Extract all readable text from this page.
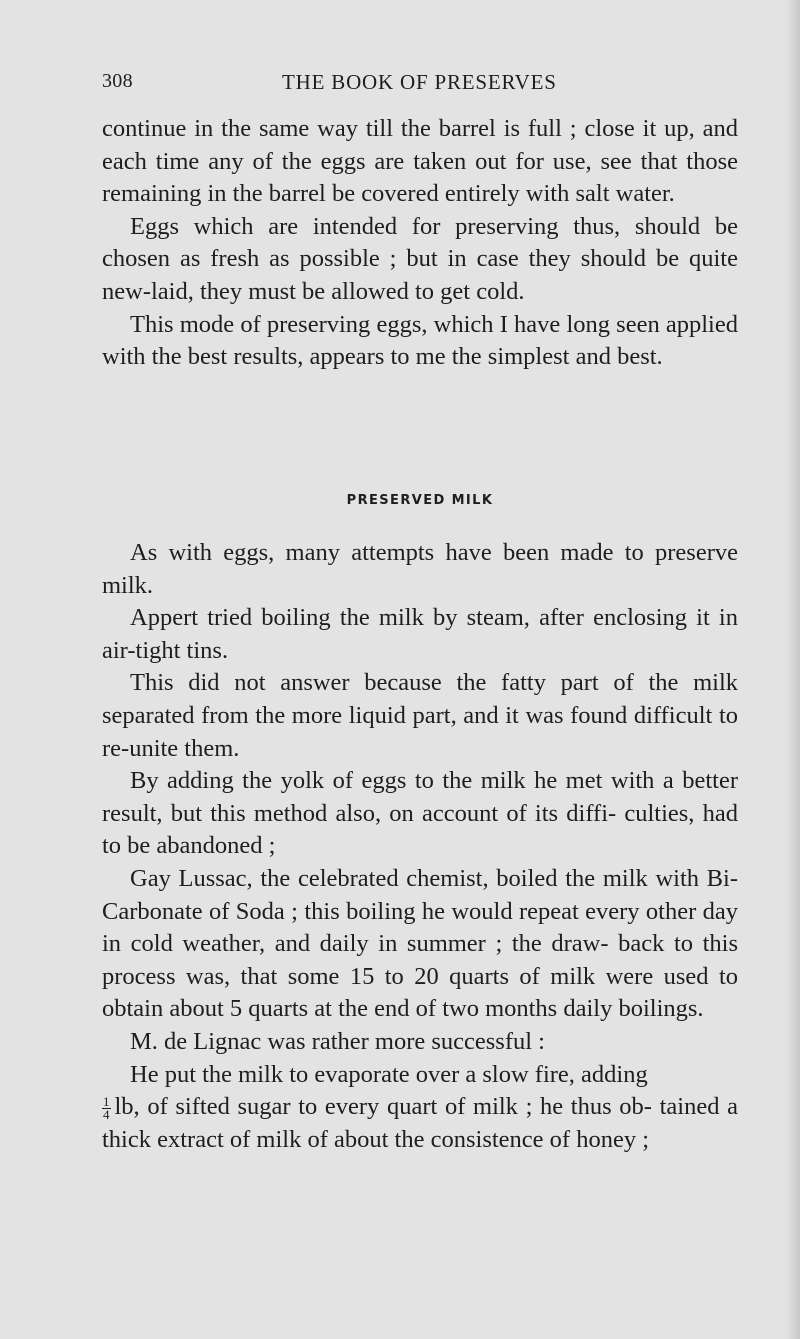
308	THE BOOK OF PRESERVES

continue in the same way till the barrel is full ; close it up, and each time any of the eggs are taken out for use, see that those remaining in the barrel be covered entirely with salt water.

Eggs which are intended for preserving thus, should be chosen as fresh as possible ; but in case they should be quite new-laid, they must be allowed to get cold.

This mode of preserving eggs, which I have long seen applied with the best results, appears to me the simplest and best.

PRESERVED MILK

As with eggs, many attempts have been made to preserve milk.

Appert tried boiling the milk by steam, after enclosing it in air-tight tins.

This did not answer because the fatty part of the milk separated from the more liquid part, and it was found difficult to re-unite them.

By adding the yolk of eggs to the milk he met with a better result, but this method also, on account of its diffi- culties, had to be abandoned ;

Gay Lussac, the celebrated chemist, boiled the milk with Bi-Carbonate of Soda ; this boiling he would repeat every other day in cold weather, and daily in summer ; the draw- back to this process was, that some 15 to 20 quarts of milk were used to obtain about 5 quarts at the end of two months daily boilings.

M. de Lignac was rather more successful :

He put the milk to evaporate over a slow fire, adding

$\frac{1}{4}$ lb, of sifted sugar to every quart of milk ; he thus ob- tained a thick extract of milk of about the consistence of honey ;
